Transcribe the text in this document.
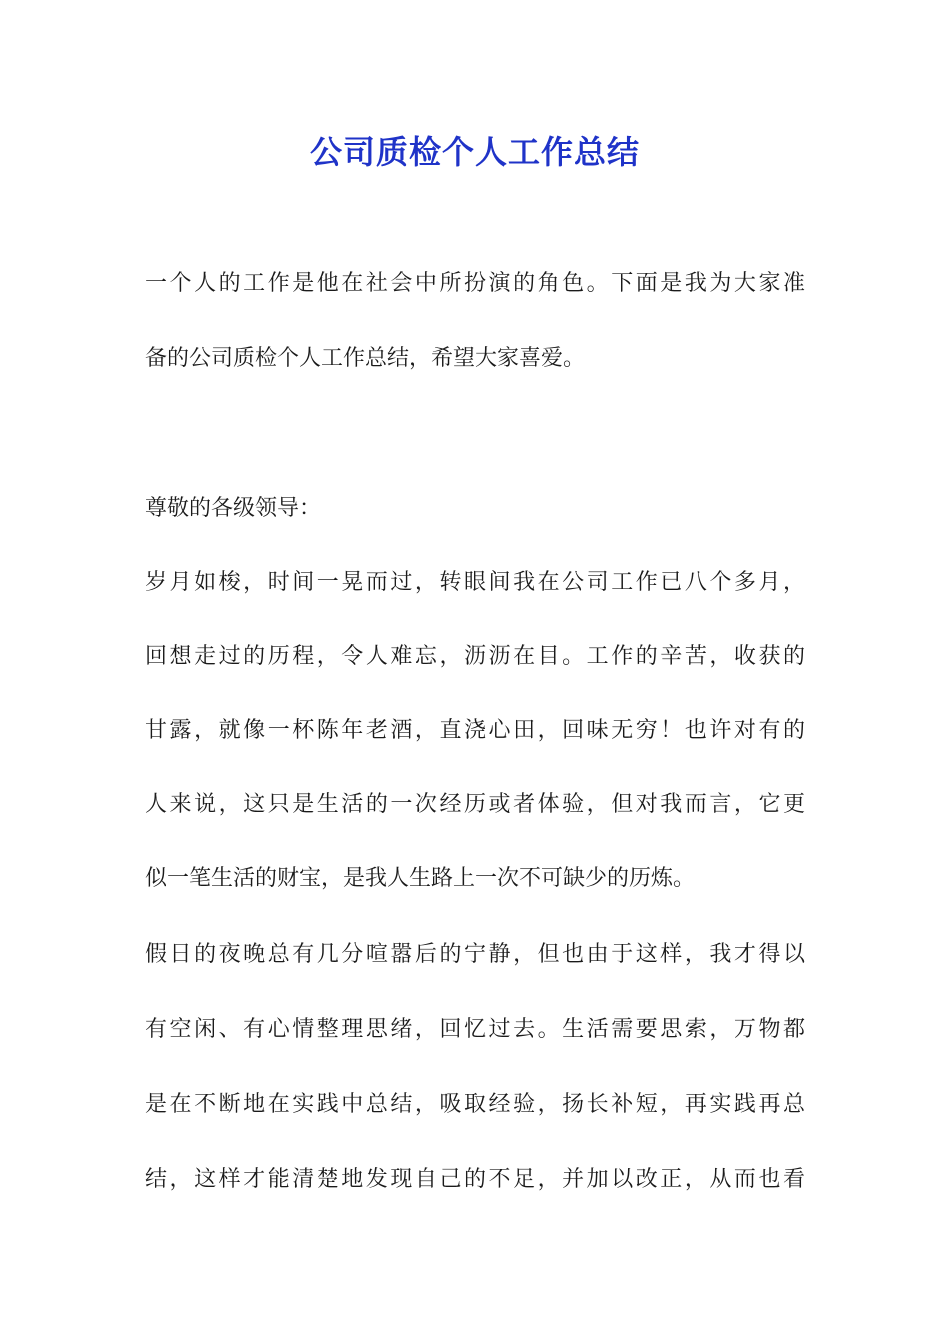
公司质检个人工作总结
一个人的工作是他在社会中所扮演的角色。下面是我为大家准
备的公司质检个人工作总结，希望大家喜爱。
尊敬的各级领导：
岁月如梭，时间一晃而过，转眼间我在公司工作已八个多月，
回想走过的历程，令人难忘，沥沥在目。工作的辛苦，收获的
甘露，就像一杯陈年老酒，直浇心田，回味无穷！也许对有的
人来说，这只是生活的一次经历或者体验，但对我而言，它更
似一笔生活的财宝，是我人生路上一次不可缺少的历炼。
假日的夜晚总有几分喧嚣后的宁静，但也由于这样，我才得以
有空闲、有心情整理思绪，回忆过去。生活需要思索，万物都
是在不断地在实践中总结，吸取经验，扬长补短，再实践再总
结，这样才能清楚地发现自己的不足，并加以改正，从而也看
